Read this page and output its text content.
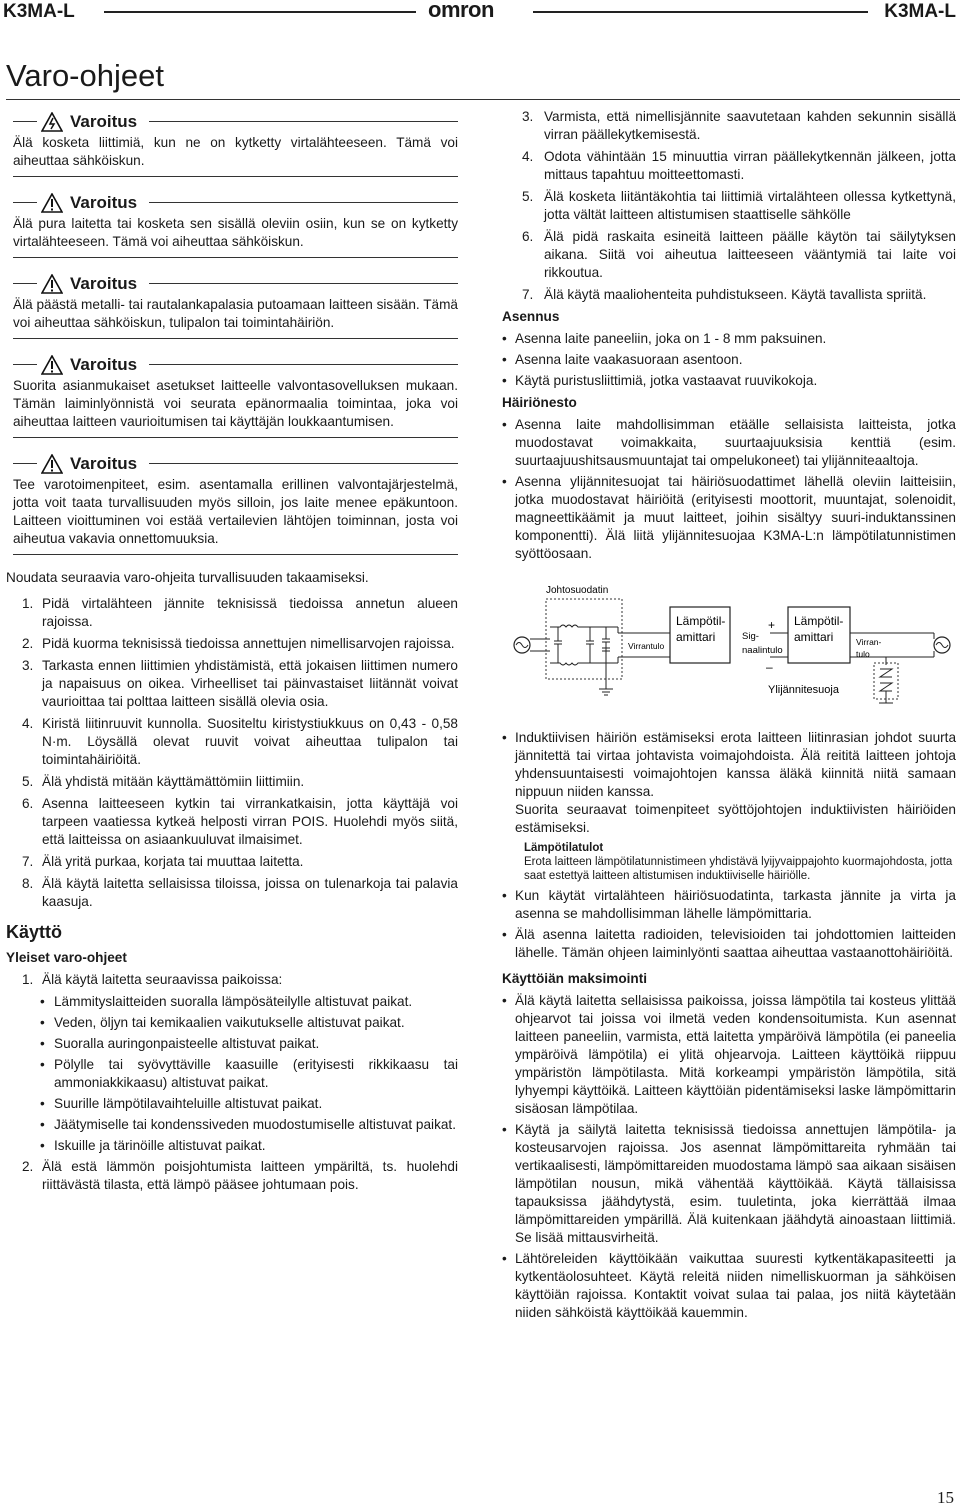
K3MA-L	omron	K3MA-L
Varo-ohjeet
Varoitus
Älä kosketa liittimiä, kun ne on kytketty virtalähteeseen. Tämä voi aiheuttaa sähköiskun.
Varoitus
Älä pura laitetta tai kosketa sen sisällä oleviin osiin, kun se on kytketty virtalähteeseen. Tämä voi aiheuttaa sähköiskun.
Varoitus
Älä päästä metalli- tai rautalankapalasia putoamaan laitteen sisään. Tämä voi aiheuttaa sähköiskun, tulipalon tai toimintahäiriön.
Varoitus
Suorita asianmukaiset asetukset laitteelle valvontasovelluksen mukaan. Tämän laiminlyönnistä voi seurata epänormaalia toimintaa, joka voi aiheuttaa laitteen vaurioitumisen tai käyttäjän loukkaantumisen.
Varoitus
Tee varotoimenpiteet, esim. asentamalla erillinen valvontajärjestelmä, jotta voit taata turvallisuuden myös silloin, jos laite menee epäkuntoon. Laitteen vioittuminen voi estää vertailevien lähtöjen toiminnan, josta voi aiheutua vakavia onnettomuuksia.
Noudata seuraavia varo-ohjeita turvallisuuden takaamiseksi.
1. Pidä virtalähteen jännite teknisissä tiedoissa annetun alueen rajoissa.
2. Pidä kuorma teknisissä tiedoissa annettujen nimellisarvojen rajoissa.
3. Tarkasta ennen liittimien yhdistämistä, että jokaisen liittimen numero ja napaisuus on oikea. Virheelliset tai päinvastaiset liitännät voivat vaurioittaa tai polttaa laitteen sisällä olevia osia.
4. Kiristä liitinruuvit kunnolla. Suositeltu kiristystiukkuus on 0,43 - 0,58 N·m. Löysällä olevat ruuvit voivat aiheuttaa tulipalon tai toimintahäiriöitä.
5. Älä yhdistä mitään käyttämättömiin liittimiin.
6. Asenna laitteeseen kytkin tai virrankatkaisin, jotta käyttäjä voi tarpeen vaatiessa kytkeä helposti virran POIS. Huolehdi myös siitä, että laitteissa on asiaankuuluvat ilmaisimet.
7. Älä yritä purkaa, korjata tai muuttaa laitetta.
8. Älä käytä laitetta sellaisissa tiloissa, joissa on tulenarkoja tai palavia kaasuja.
Käyttö
Yleiset varo-ohjeet
1. Älä käytä laitetta seuraavissa paikoissa:
• Lämmityslaitteiden suoralla lämpösäteilylle altistuvat paikat.
• Veden, öljyn tai kemikaalien vaikutukselle altistuvat paikat.
• Suoralla auringonpaisteelle altistuvat paikat.
• Pölylle tai syövyttäville kaasuille (erityisesti rikkikaasu tai ammoniakkikaasu) altistuvat paikat.
• Suurille lämpötilavaihteluille altistuvat paikat.
• Jäätymiselle tai kondenssiveden muodostumiselle altistuvat paikat.
• Iskuille ja tärinöille altistuvat paikat.
2. Älä estä lämmön poisjohtumista laitteen ympäriltä, ts. huolehdi riittävästä tilasta, että lämpö pääsee johtumaan pois.
3. Varmista, että nimellisjännite saavutetaan kahden sekunnin sisällä virran päällekytkemisestä.
4. Odota vähintään 15 minuuttia virran päällekytkennän jälkeen, jotta mittaus tapahtuu moitteettomasti.
5. Älä kosketa liitäntäkohtia tai liittimiä virtalähteen ollessa kytkettynä, jotta vältät laitteen altistumisen staattiselle sähkölle
6. Älä pidä raskaita esineitä laitteen päälle käytön tai säilytyksen aikana. Siitä voi aiheutua laitteeseen vääntymiä tai laite voi rikkoutua.
7. Älä käytä maaliohenteita puhdistukseen. Käytä tavallista spriitä.
Asennus
• Asenna laite paneeliin, joka on 1 - 8 mm paksuinen.
• Asenna laite vaakasuoraan asentoon.
• Käytä puristusliittimiä, jotka vastaavat ruuvikokoja.
Häiriönesto
• Asenna laite mahdollisimman etäälle sellaisista laitteista, jotka muodostavat voimakkaita, suurtaajuuksisia kenttiä (esim. suurtaajuushitsausmuuntajat tai ompelukoneet) tai ylijänniteaaltoja.
• Asenna ylijännitesuojat tai häiriösuodattimet lähellä oleviin laitteisiin, jotka muodostavat häiriöitä (erityisesti moottorit, muuntajat, solenoidit, magneettikäämit ja muut laitteet, joihin sisältyy suuri-induktanssinen komponentti). Älä liitä ylijännitesuojaa K3MA-L:n lämpötilatunnistimen syöttöosaan.
Johtosuodatin
Virrantulo
Lämpötil-
amittari	Sig-
naalintulo
Lämpötil-
amittari
+
–
Virran-
tulo
Ylijännitesuoja
• Induktiivisen häiriön estämiseksi erota laitteen liitinrasian johdot suurta jännitettä tai virtaa johtavista voimajohdoista. Älä reititä laitteen johtoja yhdensuuntaisesti voimajohtojen kanssa äläkä kiinnitä niitä samaan nippuun niiden kanssa.
Suorita seuraavat toimenpiteet syöttöjohtojen induktiivisten häiriöiden estämiseksi.
Lämpötilatulot
Erota laitteen lämpötilatunnistimeen yhdistävä lyijyvaippajohto kuormajohdosta, jotta saat estettyä laitteen altistumisen induktiiviselle häiriölle.
• Kun käytät virtalähteen häiriösuodatinta, tarkasta jännite ja virta ja asenna se mahdollisimman lähelle lämpömittaria.
• Älä asenna laitetta radioiden, televisioiden tai johdottomien laitteiden lähelle. Tämän ohjeen laiminlyönti saattaa aiheuttaa vastaanottohäiriöitä.
Käyttöiän maksimointi
• Älä käytä laitetta sellaisissa paikoissa, joissa lämpötila tai kosteus ylittää ohjearvot tai joissa voi ilmetä veden kondensoitumista. Kun asennat laitteen paneeliin, varmista, että laitetta ympäröivä lämpötila (ei paneelia ympäröivä lämpötila) ei ylitä ohjearvoja. Laitteen käyttöikä riippuu ympäristön lämpötilasta. Mitä korkeampi ympäristön lämpötila, sitä lyhyempi käyttöikä. Laitteen käyttöiän pidentämiseksi laske lämpömittarin sisäosan lämpötilaa.
• Käytä ja säilytä laitetta teknisissä tiedoissa annettujen lämpötila- ja kosteusarvojen rajoissa. Jos asennat lämpömittareita ryhmään tai vertikaalisesti, lämpömittareiden muodostama lämpö saa aikaan sisäisen lämpötilan nousun, mikä vähentää käyttöikää. Käytä tällaisissa tapauksissa jäähdytystä, esim. tuuletinta, joka kierrättää ilmaa lämpömittareiden ympärillä. Älä kuitenkaan jäähdytä ainoastaan liittimiä. Se lisää mittausvirheitä.
• Lähtöreleiden käyttöikään vaikuttaa suuresti kytkentäkapasiteetti ja kytkentäolosuhteet. Käytä releitä niiden nimelliskuorman ja sähköisen käyttöiän rajoissa. Kontaktit voivat sulaa tai palaa, jos niitä käytetään niiden sähköistä käyttöikää kauemmin.
15
